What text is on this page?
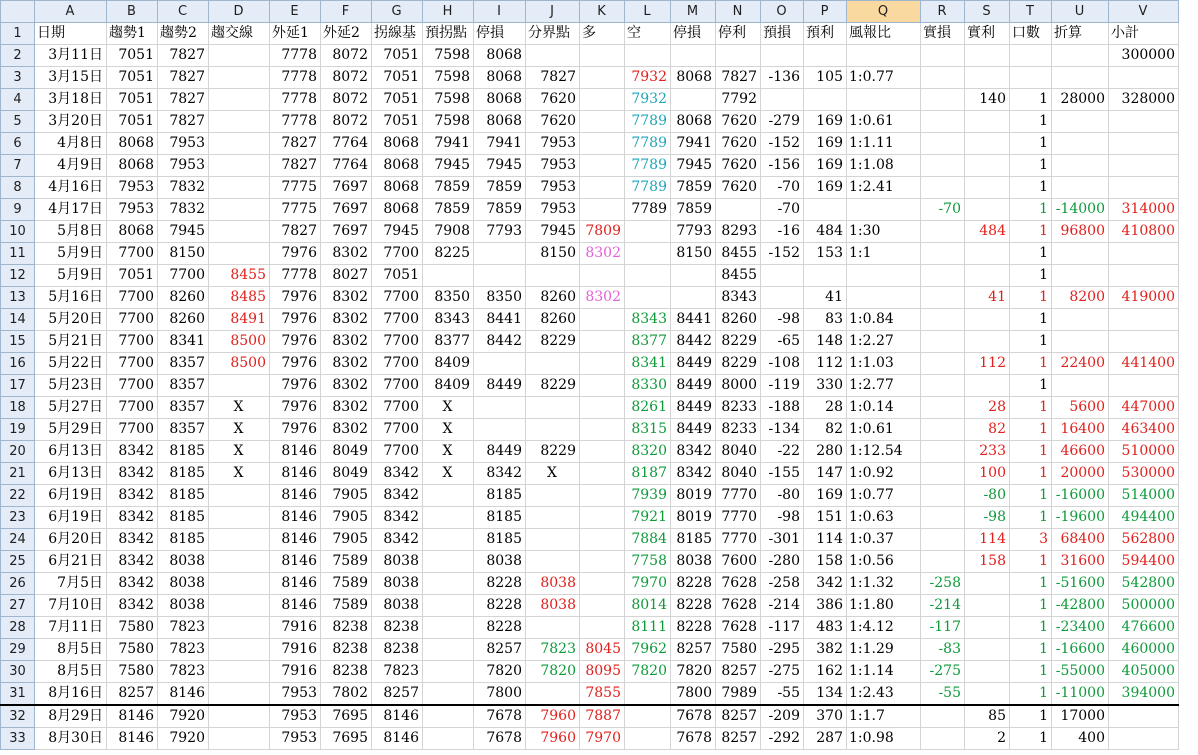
	A	B	C	D	E	F	G	H	I	J	K	L	M	N	O	P	Q	R	S	T	U	V
1	日期	趨勢1	趨勢2	趨交線	外延1	外延2	拐線基	預拐點	停損	分界點	多	空	停損	停利	預損	預利	風報比	實損	實利	口數	折算	小計
2	3月11日	7051	7827		7778	8072	7051	7598	8068													300000
3	3月15日	7051	7827		7778	8072	7051	7598	8068	7827		7932	8068	7827	-136	105	1:0.77					
4	3月18日	7051	7827		7778	8072	7051	7598	8068	7620		7932		7792					140	1	28000	328000
5	3月20日	7051	7827		7778	8072	7051	7598	8068	7620		7789	8068	7620	-279	169	1:0.61			1		
6	4月8日	8068	7953		7827	7764	8068	7941	7941	7953		7789	7941	7620	-152	169	1:1.11			1		
7	4月9日	8068	7953		7827	7764	8068	7945	7945	7953		7789	7945	7620	-156	169	1:1.08			1		
8	4月16日	7953	7832		7775	7697	8068	7859	7859	7953		7789	7859	7620	-70	169	1:2.41			1		
9	4月17日	7953	7832		7775	7697	8068	7859	7859	7953		7789	7859		-70			-70		1	-14000	314000
10	5月8日	8068	7945		7827	7697	7945	7908	7793	7945	7809		7793	8293	-16	484	1:30		484	1	96800	410800
11	5月9日	7700	8150		7976	8302	7700	8225		8150	8302		8150	8455	-152	153	1:1			1		
12	5月9日	7051	7700	8455	7778	8027	7051							8455						1		
13	5月16日	7700	8260	8485	7976	8302	7700	8350	8350	8260	8302			8343		41			41	1	8200	419000
14	5月20日	7700	8260	8491	7976	8302	7700	8343	8441	8260		8343	8441	8260	-98	83	1:0.84			1		
15	5月21日	7700	8341	8500	7976	8302	7700	8377	8442	8229		8377	8442	8229	-65	148	1:2.27			1		
16	5月22日	7700	8357	8500	7976	8302	7700	8409				8341	8449	8229	-108	112	1:1.03		112	1	22400	441400
17	5月23日	7700	8357		7976	8302	7700	8409	8449	8229		8330	8449	8000	-119	330	1:2.77			1		
18	5月27日	7700	8357	X	7976	8302	7700	X				8261	8449	8233	-188	28	1:0.14		28	1	5600	447000
19	5月29日	7700	8357	X	7976	8302	7700	X				8315	8449	8233	-134	82	1:0.61		82	1	16400	463400
20	6月13日	8342	8185	X	8146	8049	7700	X	8449	8229		8320	8342	8040	-22	280	1:12.54		233	1	46600	510000
21	6月13日	8342	8185	X	8146	8049	8342	X	8342	X		8187	8342	8040	-155	147	1:0.92		100	1	20000	530000
22	6月19日	8342	8185		8146	7905	8342		8185			7939	8019	7770	-80	169	1:0.77		-80	1	-16000	514000
23	6月19日	8342	8185		8146	7905	8342		8185			7921	8019	7770	-98	151	1:0.63		-98	1	-19600	494400
24	6月20日	8342	8185		8146	7905	8342		8185			7884	8185	7770	-301	114	1:0.37		114	3	68400	562800
25	6月21日	8342	8038		8146	7589	8038		8038			7758	8038	7600	-280	158	1:0.56		158	1	31600	594400
26	7月5日	8342	8038		8146	7589	8038		8228	8038		7970	8228	7628	-258	342	1:1.32	-258		1	-51600	542800
27	7月10日	8342	8038		8146	7589	8038		8228	8038		8014	8228	7628	-214	386	1:1.80	-214		1	-42800	500000
28	7月11日	7580	7823		7916	8238	8238		8228			8111	8228	7628	-117	483	1:4.12	-117		1	-23400	476600
29	8月5日	7580	7823		7916	8238	8238		8257	7823	8045	7962	8257	7580	-295	382	1:1.29	-83		1	-16600	460000
30	8月5日	7580	7823		7916	8238	7823		7820	7820	8095	7820	7820	8257	-275	162	1:1.14	-275		1	-55000	405000
31	8月16日	8257	8146		7953	7802	8257		7800		7855		7800	7989	-55	134	1:2.43	-55		1	-11000	394000
32	8月29日	8146	7920		7953	7695	8146		7678	7960	7887		7678	8257	-209	370	1:1.7		85	1	17000	
33	8月30日	8146	7920		7953	7695	8146		7678	7960	7970		7678	8257	-292	287	1:0.98		2	1	400	
